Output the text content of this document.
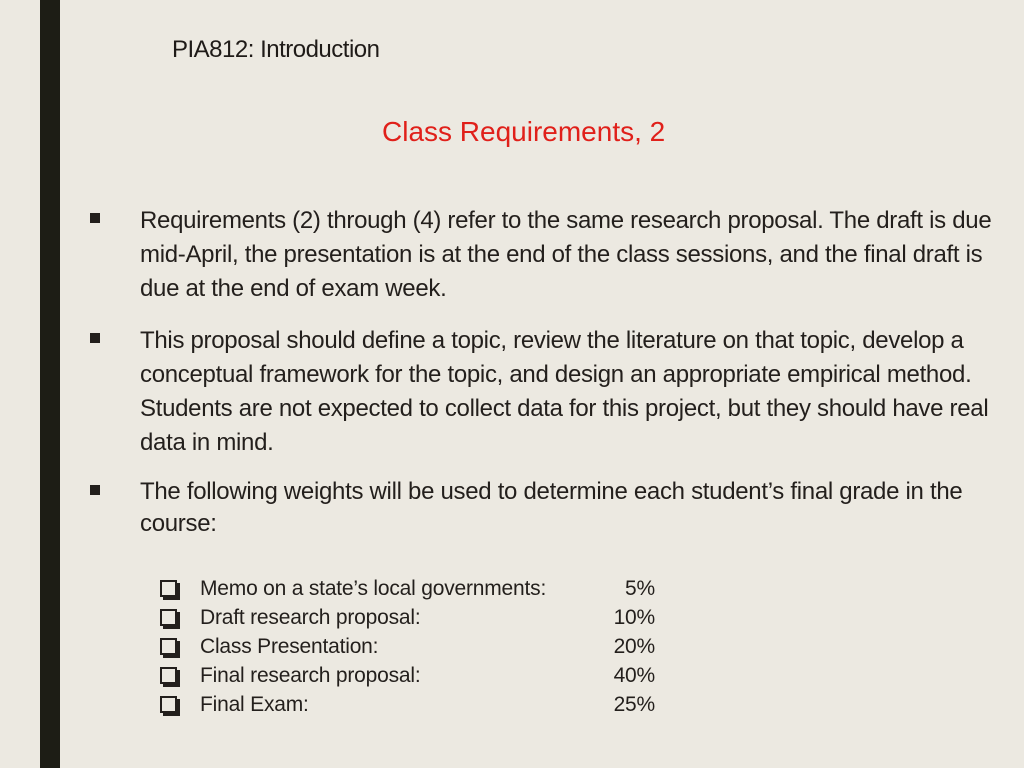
PIA812: Introduction
Class Requirements, 2
Requirements (2) through (4) refer to the same research proposal. The draft is due mid-April, the presentation is at the end of the class sessions, and the final draft is due at the end of exam week.
This proposal should define a topic, review the literature on that topic, develop a conceptual framework for the topic, and design an appropriate empirical method. Students are not expected to collect data for this project, but they should have real data in mind.
The following weights will be used to determine each student’s final grade in the course:
Memo on a state’s local governments:	5%
Draft research proposal:	10%
Class Presentation:	20%
Final research proposal:	40%
Final Exam:	25%
